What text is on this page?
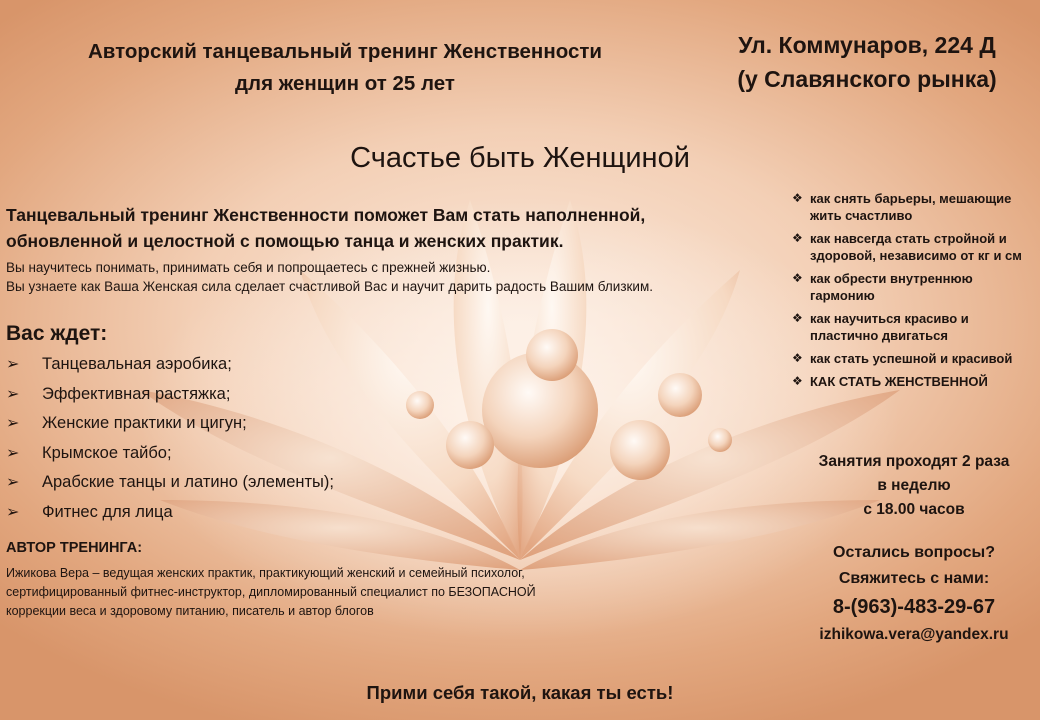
Авторский танцевальный тренинг Женственности
для женщин от 25 лет
Ул. Коммунаров, 224 Д
(у Славянского рынка)
Счастье быть Женщиной
Танцевальный тренинг Женственности поможет Вам стать наполненной,
обновленной и целостной с помощью танца и женских практик.
Вы научитесь понимать, принимать себя и попрощаетесь с прежней жизнью.
Вы узнаете как Ваша Женская сила сделает счастливой Вас и научит дарить радость Вашим близким.
Вас ждет:
➢ Танцевальная аэробика;
➢ Эффективная растяжка;
➢ Женские практики и цигун;
➢ Крымское тайбо;
➢ Арабские танцы и латино (элементы);
➢ Фитнес для лица
АВТОР ТРЕНИНГА:
Ижикова Вера – ведущая женских практик, практикующий женский и семейный психолог,
сертифицированный фитнес-инструктор, дипломированный специалист по БЕЗОПАСНОЙ
коррекции веса и здоровому питанию, писатель и автор блогов
❖ как снять барьеры, мешающие жить счастливо
❖ как навсегда стать стройной и здоровой, независимо от кг и см
❖ как обрести внутреннюю гармонию
❖ как научиться красиво и пластично двигаться
❖ как стать успешной и красивой
❖ КАК СТАТЬ ЖЕНСТВЕННОЙ
Занятия проходят 2 раза
в неделю
с 18.00 часов
Остались вопросы?
Свяжитесь с нами:
8-(963)-483-29-67
izhikowa.vera@yandex.ru
Прими себя такой, какая ты есть!
